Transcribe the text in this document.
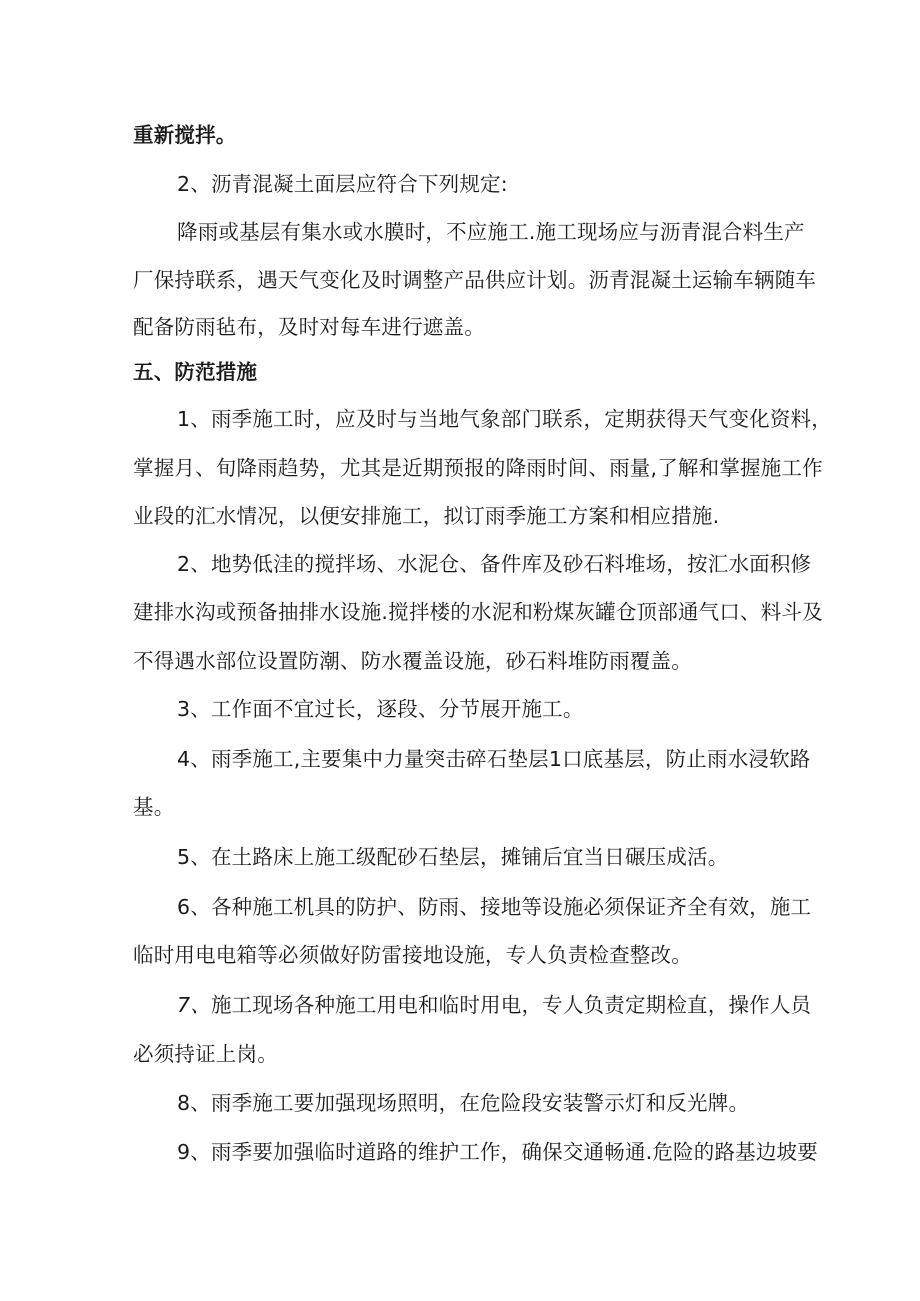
重新搅拌。
2、沥青混凝土面层应符合下列规定:
降雨或基层有集水或水膜时，不应施工.施工现场应与沥青混合料生产
厂保持联系，遇天气变化及时调整产品供应计划。沥青混凝土运输车辆随车
配备防雨毡布，及时对每车进行遮盖。
五、防范措施
1、雨季施工时，应及时与当地气象部门联系，定期获得天气变化资料，
掌握月、旬降雨趋势，尤其是近期预报的降雨时间、雨量,了解和掌握施工作
业段的汇水情况，以便安排施工，拟订雨季施工方案和相应措施.
2、地势低洼的搅拌场、水泥仓、备件库及砂石料堆场，按汇水面积修
建排水沟或预备抽排水设施.搅拌楼的水泥和粉煤灰罐仓顶部通气口、料斗及
不得遇水部位设置防潮、防水覆盖设施，砂石料堆防雨覆盖。
3、工作面不宜过长，逐段、分节展开施工。
4、雨季施工,主要集中力量突击碎石垫层1口底基层，防止雨水浸软路
基。
5、在土路床上施工级配砂石垫层，摊铺后宜当日碾压成活。
6、各种施工机具的防护、防雨、接地等设施必须保证齐全有效，施工
临时用电电箱等必须做好防雷接地设施，专人负责检查整改。
7、施工现场各种施工用电和临时用电，专人负责定期检直，操作人员
必须持证上岗。
8、雨季施工要加强现场照明，在危险段安装警示灯和反光牌。
9、雨季要加强临时道路的维护工作，确保交通畅通.危险的路基边坡要
